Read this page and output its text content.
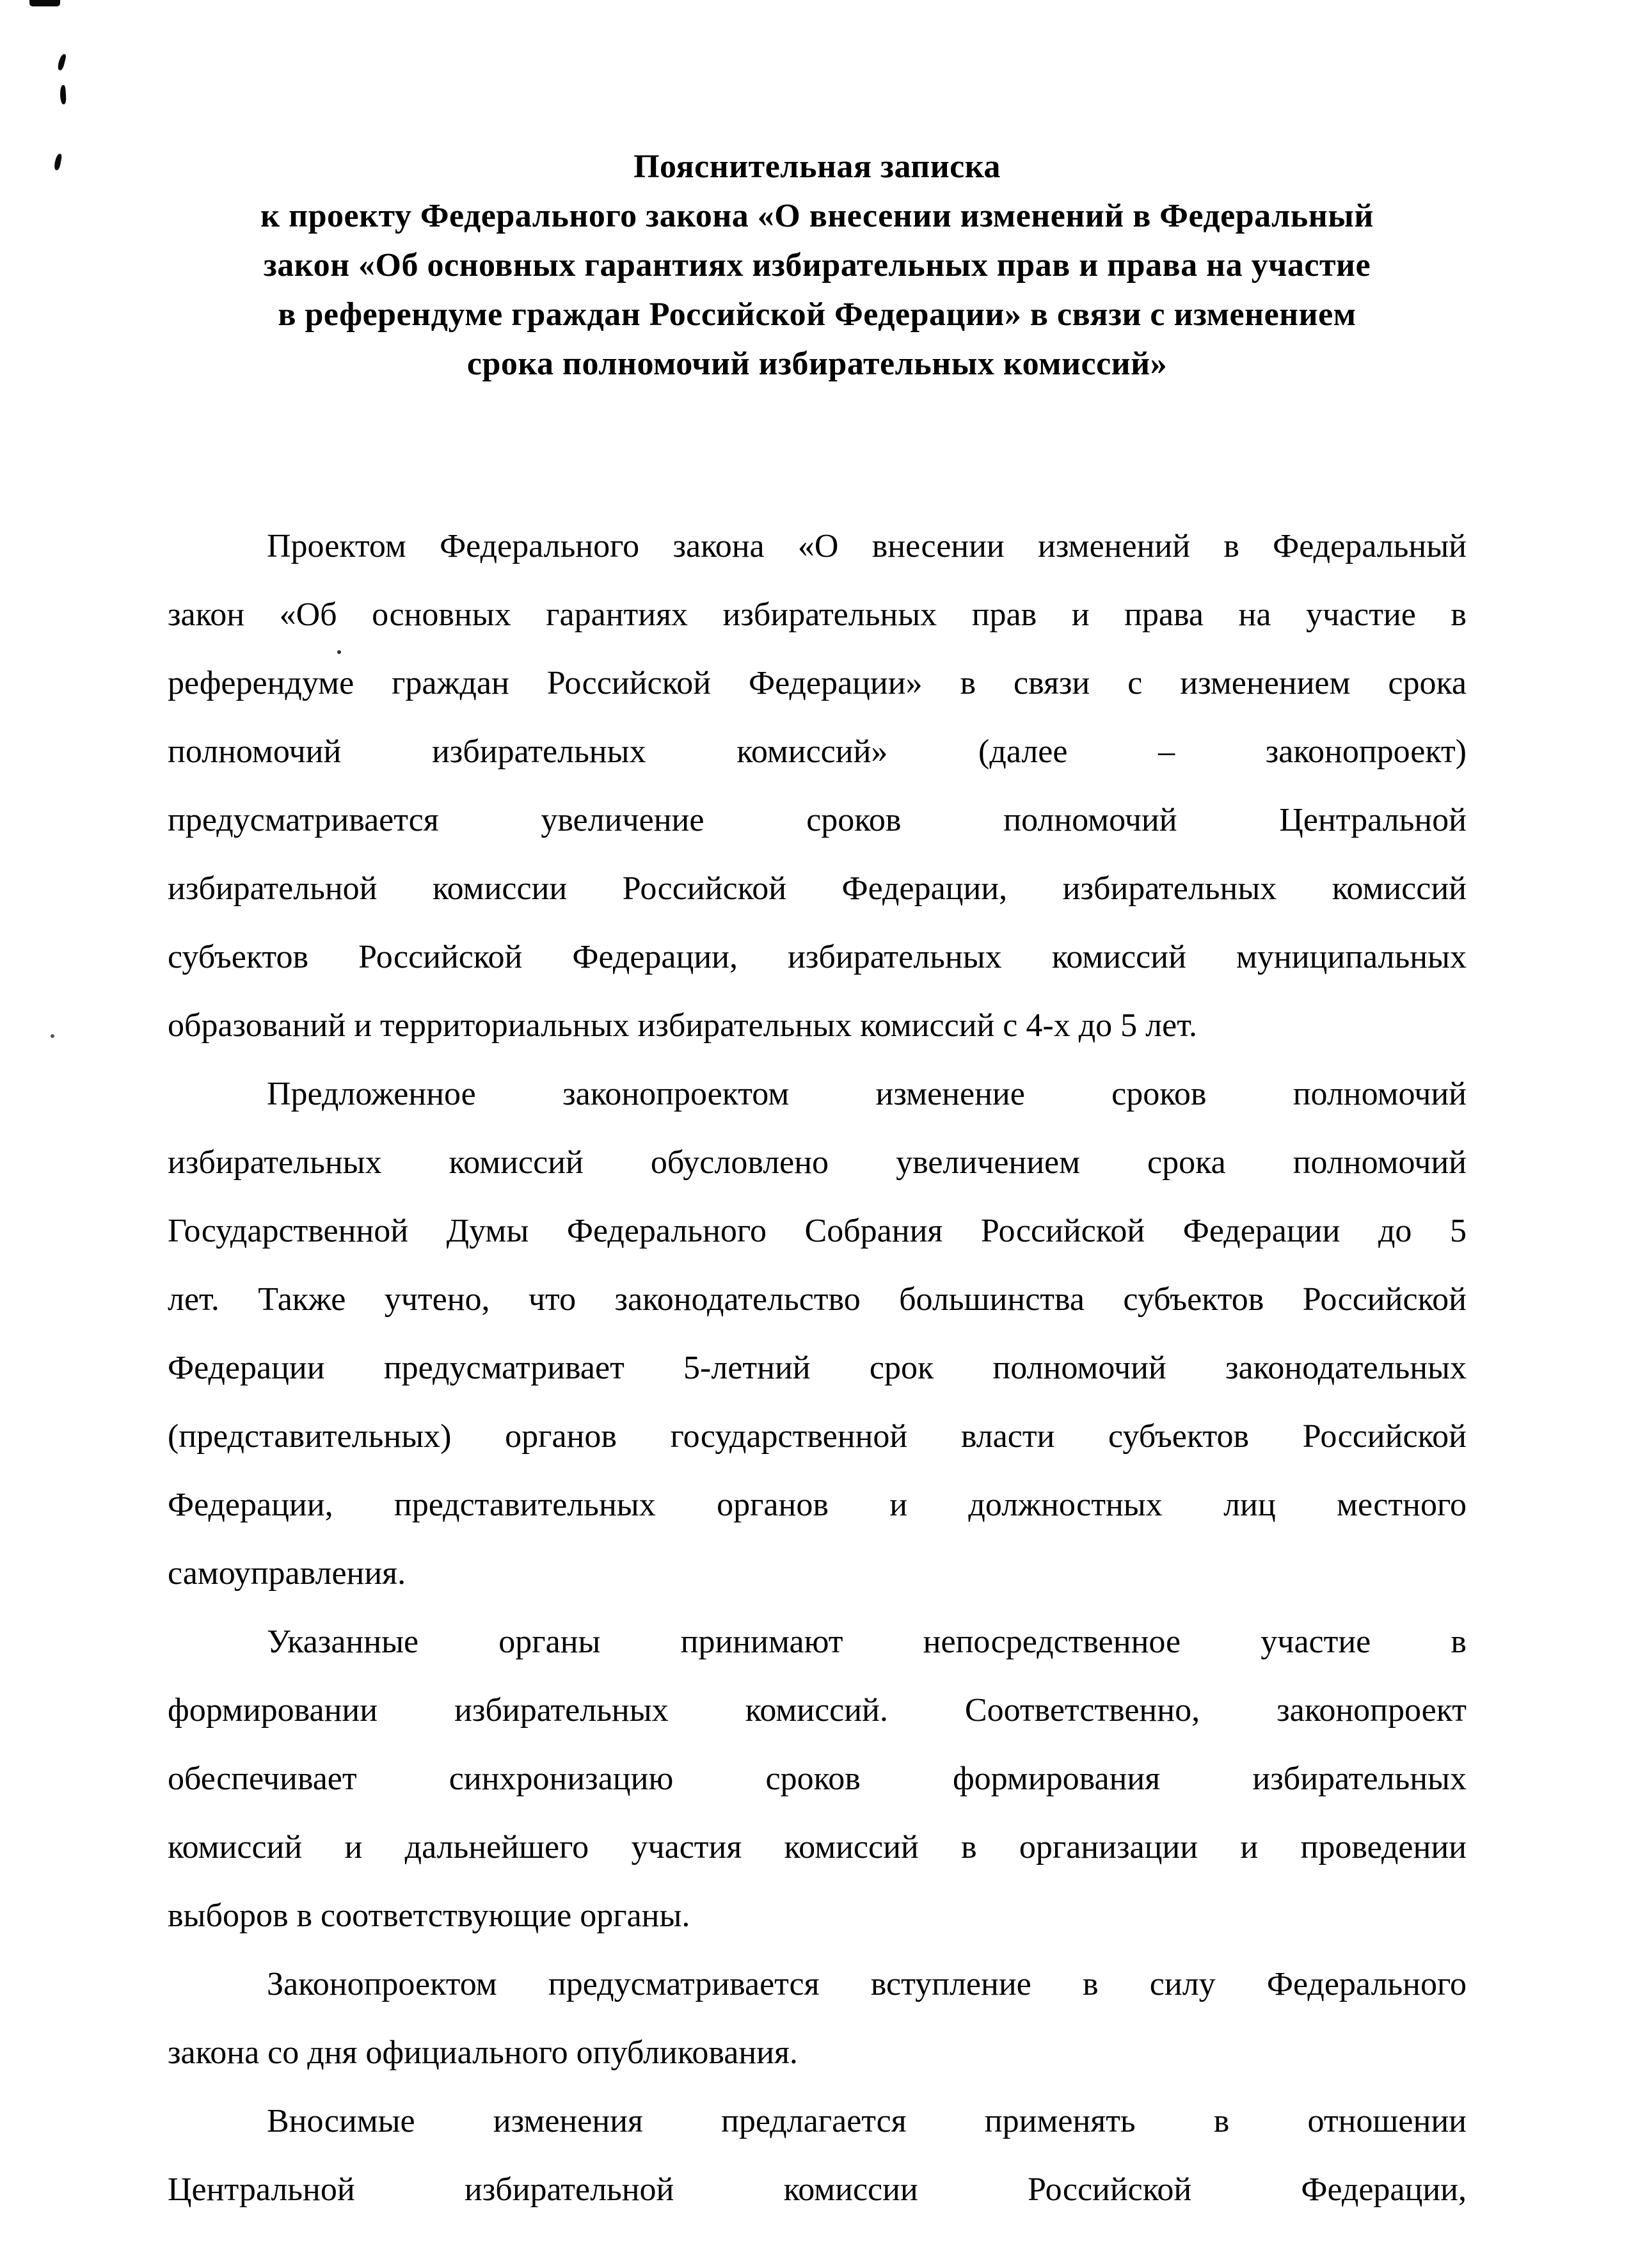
Пояснительная записка
к проекту Федерального закона «О внесении изменений в Федеральный
закон «Об основных гарантиях избирательных прав и права на участие
в референдуме граждан Российской Федерации» в связи с изменением
срока полномочий избирательных комиссий»
Проектом Федерального закона «О внесении изменений в Федеральный
закон «Об основных гарантиях избирательных прав и права на участие в
референдуме граждан Российской Федерации» в связи с изменением срока
полномочий избирательных комиссий» (далее – законопроект)
предусматривается увеличение сроков полномочий Центральной
избирательной комиссии Российской Федерации, избирательных комиссий
субъектов Российской Федерации, избирательных комиссий муниципальных
образований и территориальных избирательных комиссий с 4-х до 5 лет.
Предложенное законопроектом изменение сроков полномочий
избирательных комиссий обусловлено увеличением срока полномочий
Государственной Думы Федерального Собрания Российской Федерации до 5
лет. Также учтено, что законодательство большинства субъектов Российской
Федерации предусматривает 5-летний срок полномочий законодательных
(представительных) органов государственной власти субъектов Российской
Федерации, представительных органов и должностных лиц местного
самоуправления.
Указанные органы принимают непосредственное участие в
формировании избирательных комиссий. Соответственно, законопроект
обеспечивает синхронизацию сроков формирования избирательных
комиссий и дальнейшего участия комиссий в организации и проведении
выборов в соответствующие органы.
Законопроектом предусматривается вступление в силу Федерального
закона со дня официального опубликования.
Вносимые изменения предлагается применять в отношении
Центральной избирательной комиссии Российской Федерации,
